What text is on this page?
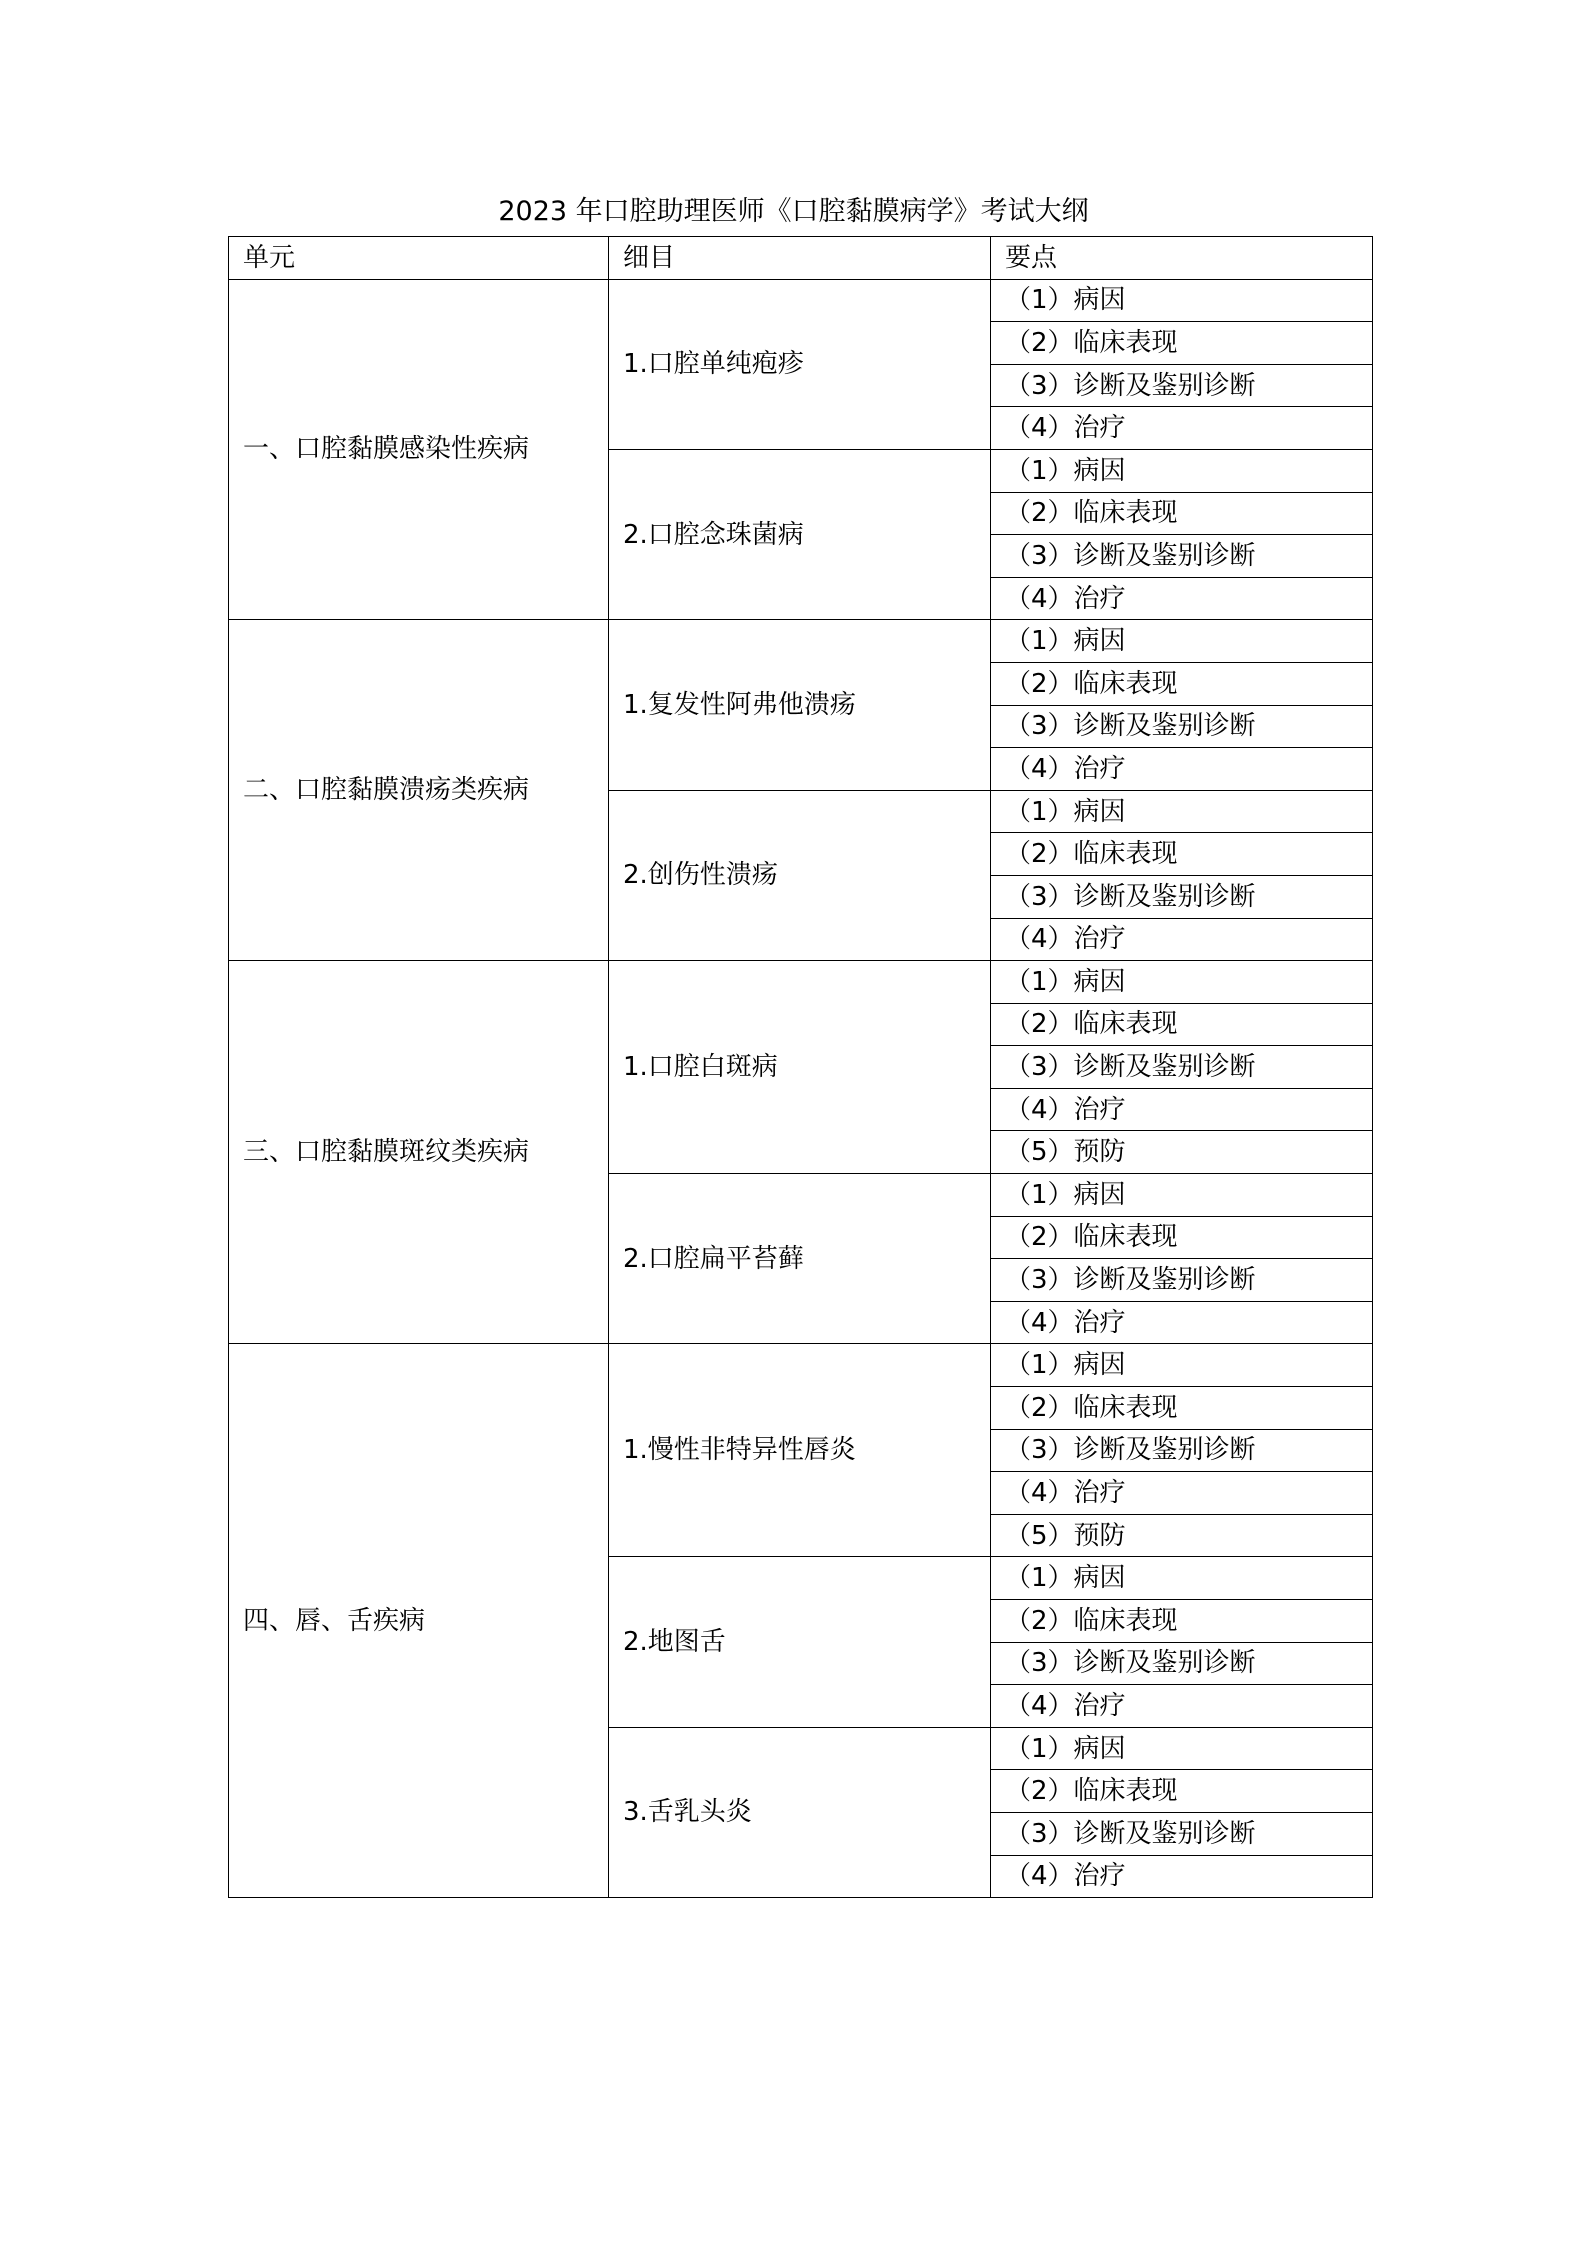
2023 年口腔助理医师《口腔黏膜病学》考试大纲
单元	细目	要点
一、口腔黏膜感染性疾病	1.口腔单纯疱疹	（1）病因
		（2）临床表现
		（3）诊断及鉴别诊断
		（4）治疗
	2.口腔念珠菌病	（1）病因
		（2）临床表现
		（3）诊断及鉴别诊断
		（4）治疗
二、口腔黏膜溃疡类疾病	1.复发性阿弗他溃疡	（1）病因
		（2）临床表现
		（3）诊断及鉴别诊断
		（4）治疗
	2.创伤性溃疡	（1）病因
		（2）临床表现
		（3）诊断及鉴别诊断
		（4）治疗
三、口腔黏膜斑纹类疾病	1.口腔白斑病	（1）病因
		（2）临床表现
		（3）诊断及鉴别诊断
		（4）治疗
		（5）预防
	2.口腔扁平苔藓	（1）病因
		（2）临床表现
		（3）诊断及鉴别诊断
		（4）治疗
四、唇、舌疾病	1.慢性非特异性唇炎	（1）病因
		（2）临床表现
		（3）诊断及鉴别诊断
		（4）治疗
		（5）预防
	2.地图舌	（1）病因
		（2）临床表现
		（3）诊断及鉴别诊断
		（4）治疗
	3.舌乳头炎	（1）病因
		（2）临床表现
		（3）诊断及鉴别诊断
		（4）治疗
